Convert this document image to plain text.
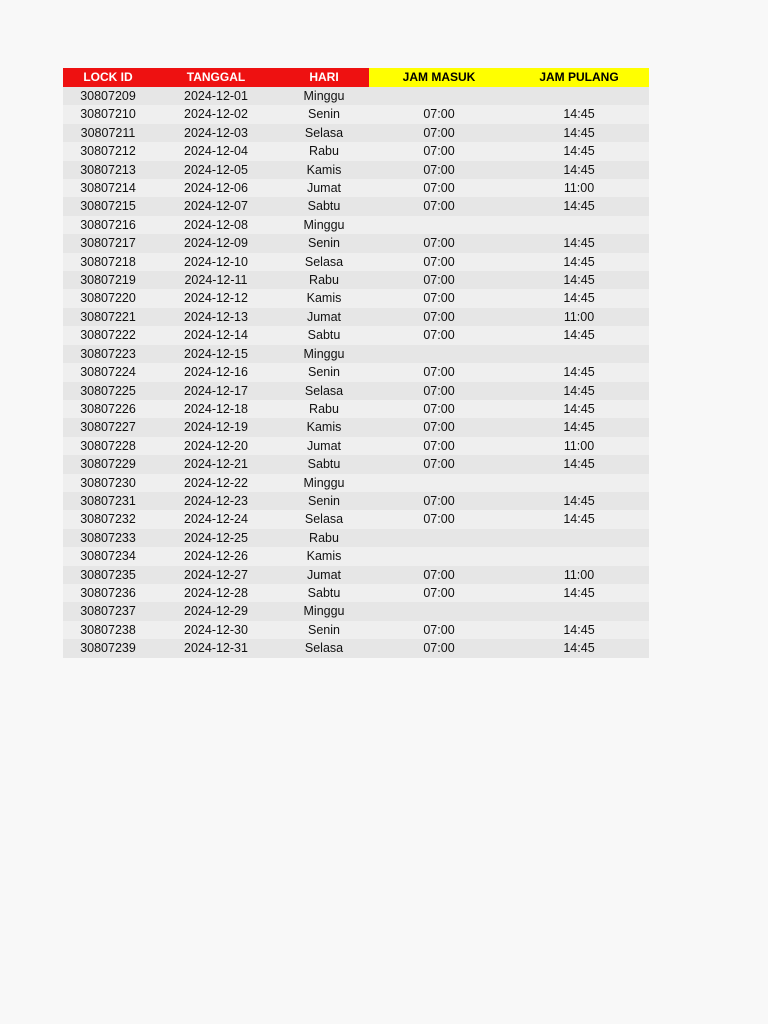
LOCK ID	TANGGAL	HARI	JAM MASUK	JAM PULANG
30807209	2024-12-01	Minggu		
30807210	2024-12-02	Senin	07:00	14:45
30807211	2024-12-03	Selasa	07:00	14:45
30807212	2024-12-04	Rabu	07:00	14:45
30807213	2024-12-05	Kamis	07:00	14:45
30807214	2024-12-06	Jumat	07:00	11:00
30807215	2024-12-07	Sabtu	07:00	14:45
30807216	2024-12-08	Minggu		
30807217	2024-12-09	Senin	07:00	14:45
30807218	2024-12-10	Selasa	07:00	14:45
30807219	2024-12-11	Rabu	07:00	14:45
30807220	2024-12-12	Kamis	07:00	14:45
30807221	2024-12-13	Jumat	07:00	11:00
30807222	2024-12-14	Sabtu	07:00	14:45
30807223	2024-12-15	Minggu		
30807224	2024-12-16	Senin	07:00	14:45
30807225	2024-12-17	Selasa	07:00	14:45
30807226	2024-12-18	Rabu	07:00	14:45
30807227	2024-12-19	Kamis	07:00	14:45
30807228	2024-12-20	Jumat	07:00	11:00
30807229	2024-12-21	Sabtu	07:00	14:45
30807230	2024-12-22	Minggu		
30807231	2024-12-23	Senin	07:00	14:45
30807232	2024-12-24	Selasa	07:00	14:45
30807233	2024-12-25	Rabu		
30807234	2024-12-26	Kamis		
30807235	2024-12-27	Jumat	07:00	11:00
30807236	2024-12-28	Sabtu	07:00	14:45
30807237	2024-12-29	Minggu		
30807238	2024-12-30	Senin	07:00	14:45
30807239	2024-12-31	Selasa	07:00	14:45
